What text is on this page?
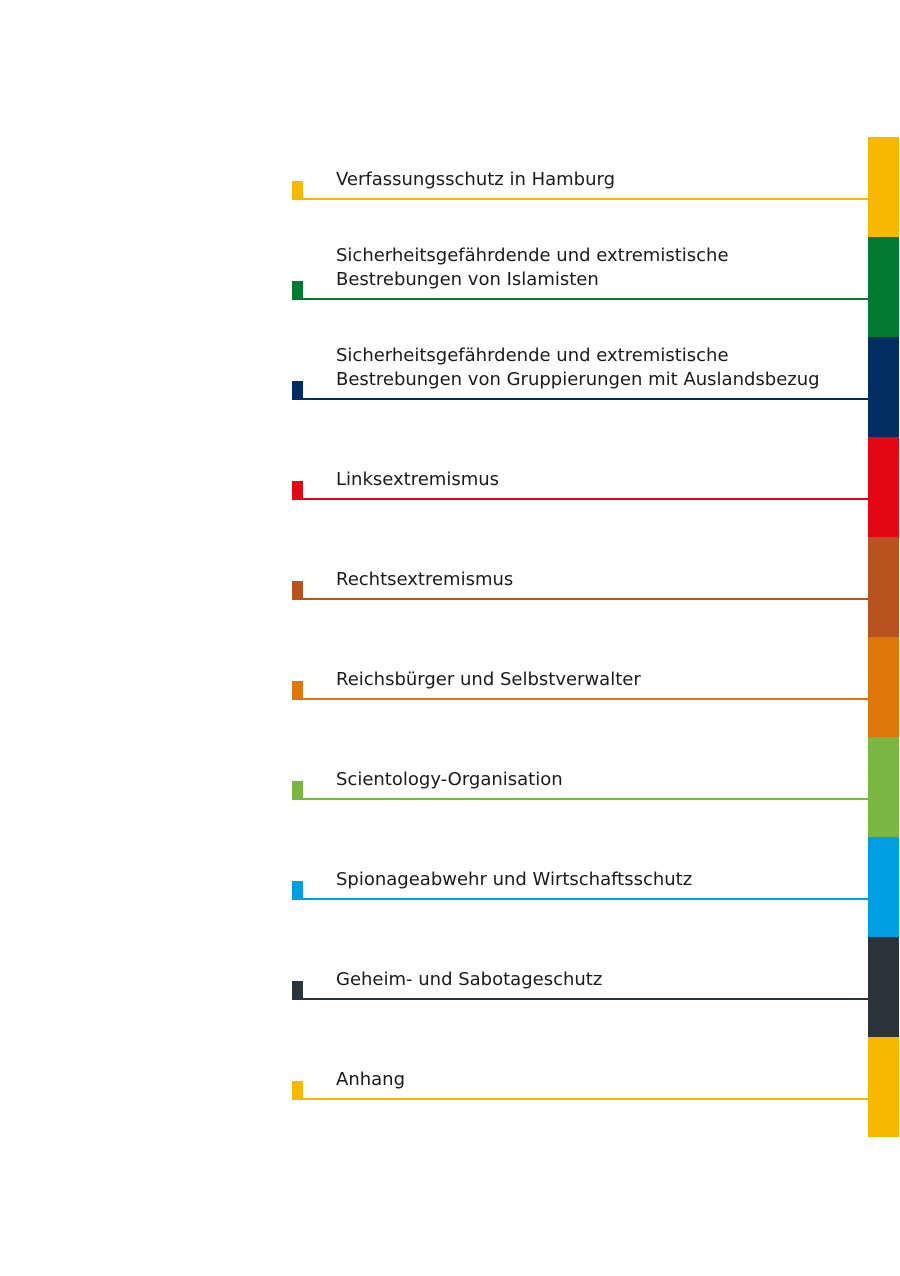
Verfassungsschutz in Hamburg
Sicherheitsgefährdende und extremistische
Bestrebungen von Islamisten
Sicherheitsgefährdende und extremistische
Bestrebungen von Gruppierungen mit Auslandsbezug
Linksextremismus
Rechtsextremismus
Reichsbürger und Selbstverwalter
Scientology-Organisation
Spionageabwehr und Wirtschaftsschutz
Geheim- und Sabotageschutz
Anhang
